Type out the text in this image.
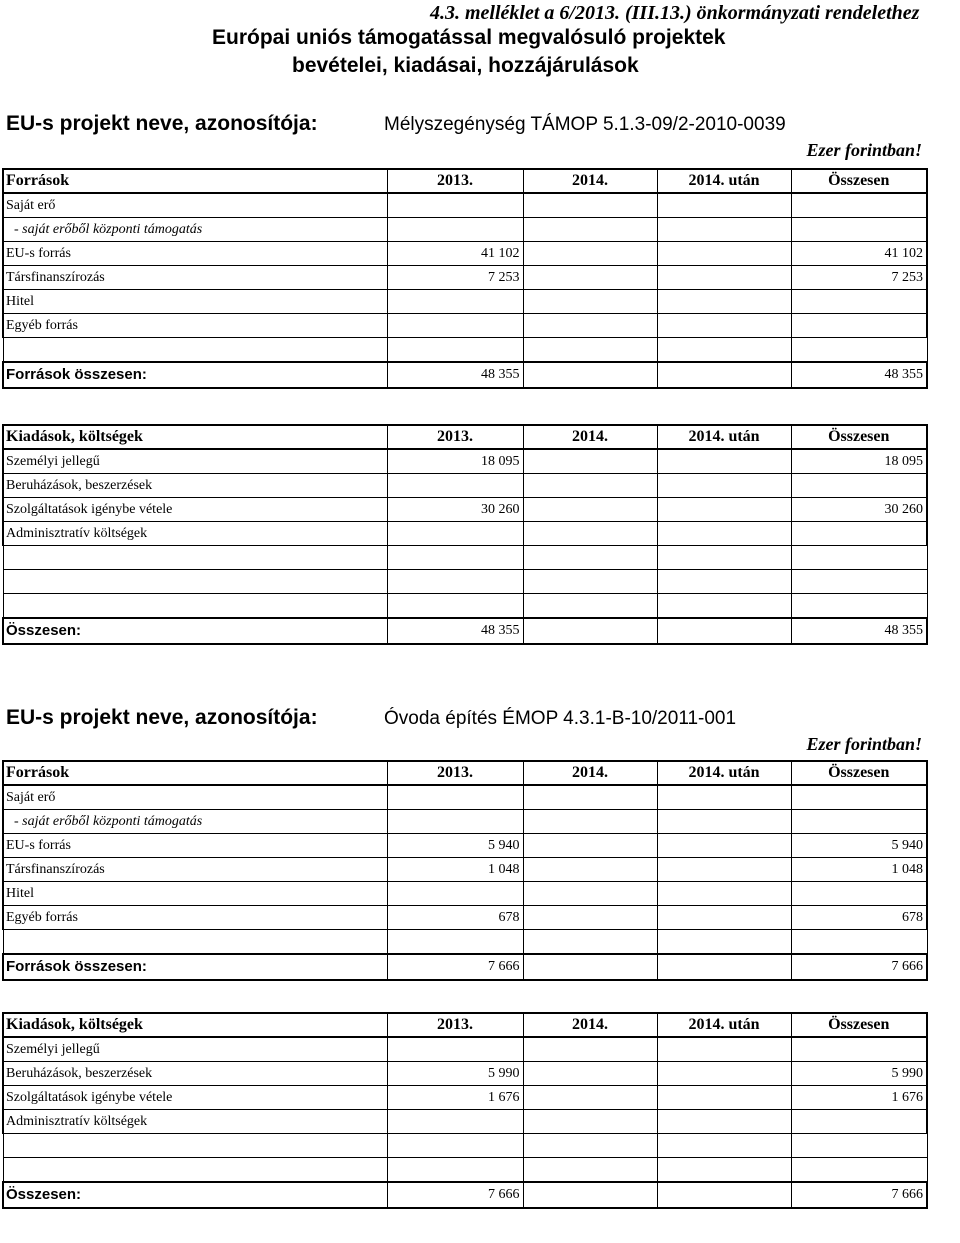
4.3. melléklet a 6/2013. (III.13.) önkormányzati rendelethez
Európai uniós támogatással megvalósuló projektek
bevételei, kiadásai, hozzájárulások
EU-s projekt neve, azonosítója:	Mélyszegénység TÁMOP 5.1.3-09/2-2010-0039
Ezer forintban!
Források	2013.	2014.	2014. után	Összesen
Saját erő				
- saját erőből központi támogatás				
EU-s forrás	41 102			41 102
Társfinanszírozás	7 253			7 253
Hitel				
Egyéb forrás				

Források összesen:	48 355			48 355
Kiadások, költségek	2013.	2014.	2014. után	Összesen
Személyi jellegű	18 095			18 095
Beruházások, beszerzések				
Szolgáltatások igénybe vétele	30 260			30 260
Adminisztratív költségek				

Összesen:	48 355			48 355
EU-s projekt neve, azonosítója:	Óvoda építés ÉMOP 4.3.1-B-10/2011-001
Ezer forintban!
Források	2013.	2014.	2014. után	Összesen
Saját erő				
- saját erőből központi támogatás				
EU-s forrás	5 940			5 940
Társfinanszírozás	1 048			1 048
Hitel				
Egyéb forrás	678			678

Források összesen:	7 666			7 666
Kiadások, költségek	2013.	2014.	2014. után	Összesen
Személyi jellegű				
Beruházások, beszerzések	5 990			5 990
Szolgáltatások igénybe vétele	1 676			1 676
Adminisztratív költségek				

Összesen:	7 666			7 666
